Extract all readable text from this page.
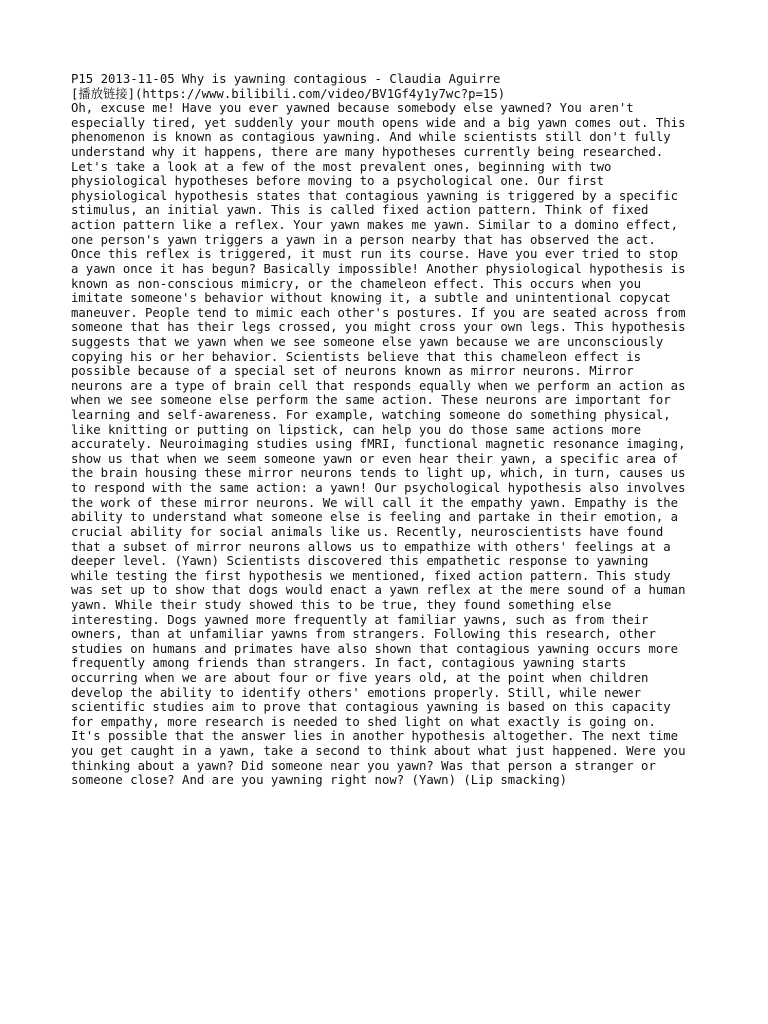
P15 2013-11-05 Why is yawning contagious - Claudia Aguirre
[播放链接](https://www.bilibili.com/video/BV1Gf4y1y7wc?p=15)
Oh, excuse me! Have you ever yawned because somebody else yawned? You aren't
especially tired, yet suddenly your mouth opens wide and a big yawn comes out. This
phenomenon is known as contagious yawning. And while scientists still don't fully
understand why it happens, there are many hypotheses currently being researched.
Let's take a look at a few of the most prevalent ones, beginning with two
physiological hypotheses before moving to a psychological one. Our first
physiological hypothesis states that contagious yawning is triggered by a specific
stimulus, an initial yawn. This is called fixed action pattern. Think of fixed
action pattern like a reflex. Your yawn makes me yawn. Similar to a domino effect,
one person's yawn triggers a yawn in a person nearby that has observed the act.
Once this reflex is triggered, it must run its course. Have you ever tried to stop
a yawn once it has begun? Basically impossible! Another physiological hypothesis is
known as non-conscious mimicry, or the chameleon effect. This occurs when you
imitate someone's behavior without knowing it, a subtle and unintentional copycat
maneuver. People tend to mimic each other's postures. If you are seated across from
someone that has their legs crossed, you might cross your own legs. This hypothesis
suggests that we yawn when we see someone else yawn because we are unconsciously
copying his or her behavior. Scientists believe that this chameleon effect is
possible because of a special set of neurons known as mirror neurons. Mirror
neurons are a type of brain cell that responds equally when we perform an action as
when we see someone else perform the same action. These neurons are important for
learning and self-awareness. For example, watching someone do something physical,
like knitting or putting on lipstick, can help you do those same actions more
accurately. Neuroimaging studies using fMRI, functional magnetic resonance imaging,
show us that when we seem someone yawn or even hear their yawn, a specific area of
the brain housing these mirror neurons tends to light up, which, in turn, causes us
to respond with the same action: a yawn! Our psychological hypothesis also involves
the work of these mirror neurons. We will call it the empathy yawn. Empathy is the
ability to understand what someone else is feeling and partake in their emotion, a
crucial ability for social animals like us. Recently, neuroscientists have found
that a subset of mirror neurons allows us to empathize with others' feelings at a
deeper level. (Yawn) Scientists discovered this empathetic response to yawning
while testing the first hypothesis we mentioned, fixed action pattern. This study
was set up to show that dogs would enact a yawn reflex at the mere sound of a human
yawn. While their study showed this to be true, they found something else
interesting. Dogs yawned more frequently at familiar yawns, such as from their
owners, than at unfamiliar yawns from strangers. Following this research, other
studies on humans and primates have also shown that contagious yawning occurs more
frequently among friends than strangers. In fact, contagious yawning starts
occurring when we are about four or five years old, at the point when children
develop the ability to identify others' emotions properly. Still, while newer
scientific studies aim to prove that contagious yawning is based on this capacity
for empathy, more research is needed to shed light on what exactly is going on.
It's possible that the answer lies in another hypothesis altogether. The next time
you get caught in a yawn, take a second to think about what just happened. Were you
thinking about a yawn? Did someone near you yawn? Was that person a stranger or
someone close? And are you yawning right now? (Yawn) (Lip smacking)
